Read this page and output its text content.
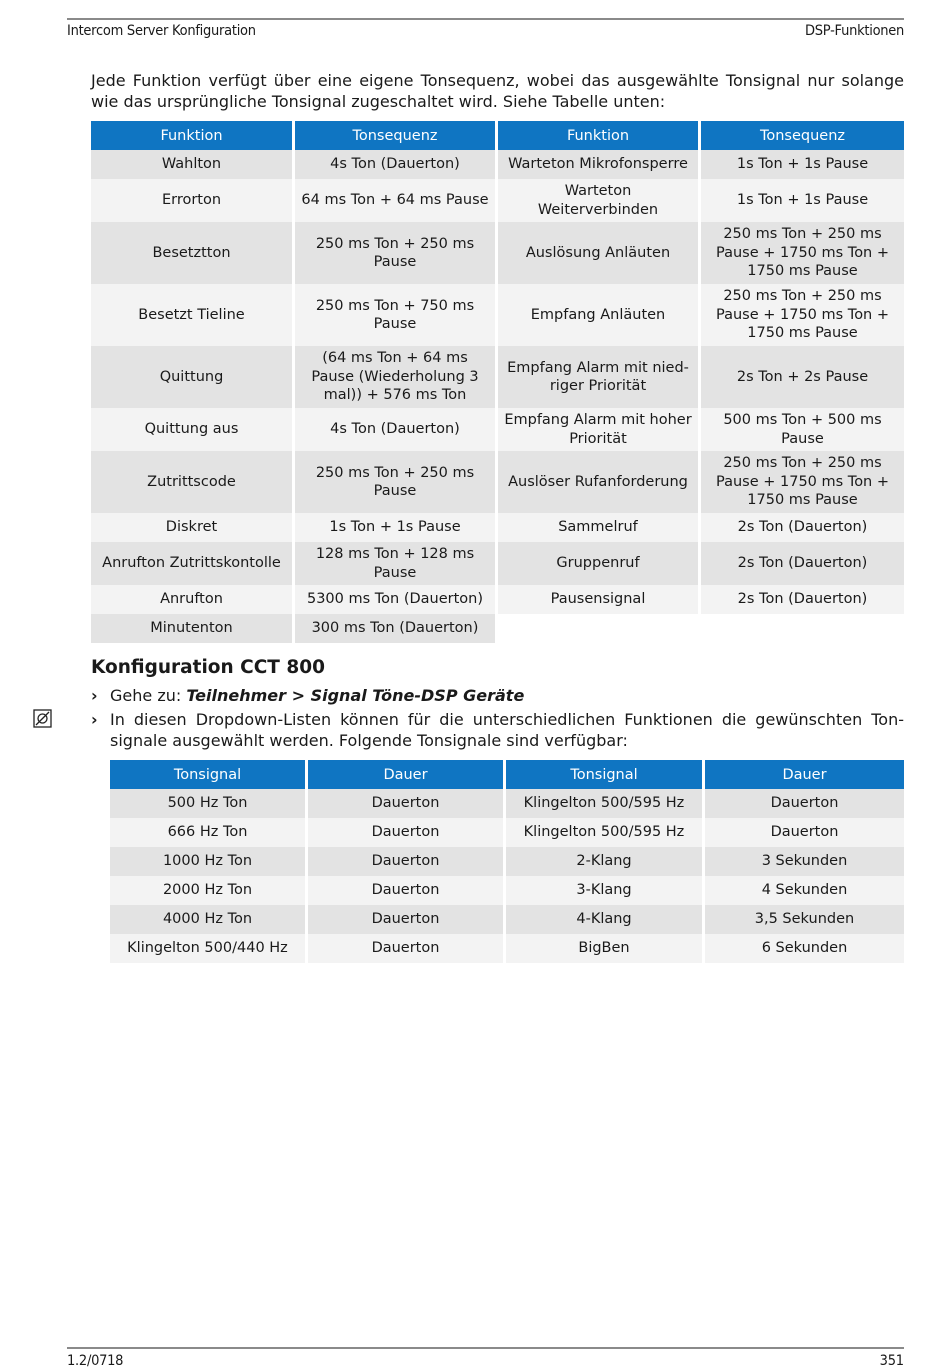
Intercom Server Konfiguration	DSP-Funktionen

Jede Funktion verfügt über eine eigene Tonsequenz, wobei das ausgewählte Tonsignal nur solange wie das ursprüngliche Tonsignal zugeschaltet wird. Siehe Tabelle unten:

Funktion	Tonsequenz	Funktion	Tonsequenz
Wahlton	4s Ton (Dauerton)	Warteton Mikrofonsperre	1s Ton + 1s Pause
Errorton	64 ms Ton + 64 ms Pause	Warteton Weiterverbinden	1s Ton + 1s Pause
Besetztton	250 ms Ton + 250 ms Pause	Auslösung Anläuten	250 ms Ton + 250 ms Pause + 1750 ms Ton + 1750 ms Pause
Besetzt Tieline	250 ms Ton + 750 ms Pause	Empfang Anläuten	250 ms Ton + 250 ms Pause + 1750 ms Ton + 1750 ms Pause
Quittung	(64 ms Ton + 64 ms Pause (Wiederholung 3 mal)) + 576 ms Ton	Empfang Alarm mit nied-riger Priorität	2s Ton + 2s Pause
Quittung aus	4s Ton (Dauerton)	Empfang Alarm mit hoher Priorität	500 ms Ton + 500 ms Pause
Zutrittscode	250 ms Ton + 250 ms Pause	Auslöser Rufanforderung	250 ms Ton + 250 ms Pause + 1750 ms Ton + 1750 ms Pause
Diskret	1s Ton + 1s Pause	Sammelruf	2s Ton (Dauerton)
Anrufton Zutrittskontolle	128 ms Ton + 128 ms Pause	Gruppenruf	2s Ton (Dauerton)
Anrufton	5300 ms Ton (Dauerton)	Pausensignal	2s Ton (Dauerton)
Minutenton	300 ms Ton (Dauerton)		
Konfiguration CCT 800
› Gehe zu: Teilnehmer > Signal Töne-DSP Geräte
› In diesen Dropdown-Listen können für die unterschiedlichen Funktionen die gewünschten Ton-signale ausgewählt werden. Folgende Tonsignale sind verfügbar:
Tonsignal	Dauer	Tonsignal	Dauer
500 Hz Ton	Dauerton	Klingelton 500/595 Hz	Dauerton
666 Hz Ton	Dauerton	Klingelton 500/595 Hz	Dauerton
1000 Hz Ton	Dauerton	2-Klang	3 Sekunden
2000 Hz Ton	Dauerton	3-Klang	4 Sekunden
4000 Hz Ton	Dauerton	4-Klang	3,5 Sekunden
Klingelton 500/440 Hz	Dauerton	BigBen	6 Sekunden
1.2/0718	351
